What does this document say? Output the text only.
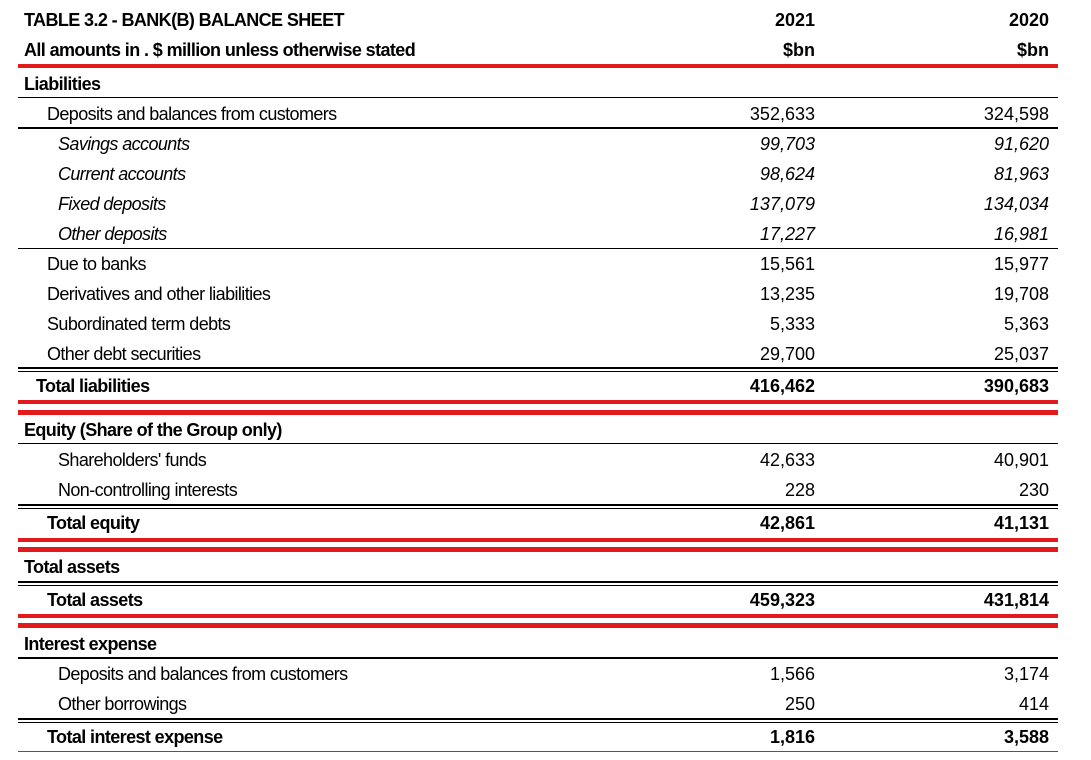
TABLE 3.2 - BANK(B) BALANCE SHEET	2021	2020
All amounts in . $ million unless otherwise stated	$bn	$bn
Liabilities
Deposits and balances from customers	352,633	324,598
Savings accounts	99,703	91,620
Current accounts	98,624	81,963
Fixed deposits	137,079	134,034
Other deposits	17,227	16,981
Due to banks	15,561	15,977
Derivatives and other liabilities	13,235	19,708
Subordinated term debts	5,333	5,363
Other debt securities	29,700	25,037
Total liabilities	416,462	390,683
Equity (Share of the Group only)
Shareholders' funds	42,633	40,901
Non-controlling interests	228	230
Total equity	42,861	41,131
Total assets
Total assets	459,323	431,814
Interest expense
Deposits and balances from customers	1,566	3,174
Other borrowings	250	414
Total interest expense	1,816	3,588
